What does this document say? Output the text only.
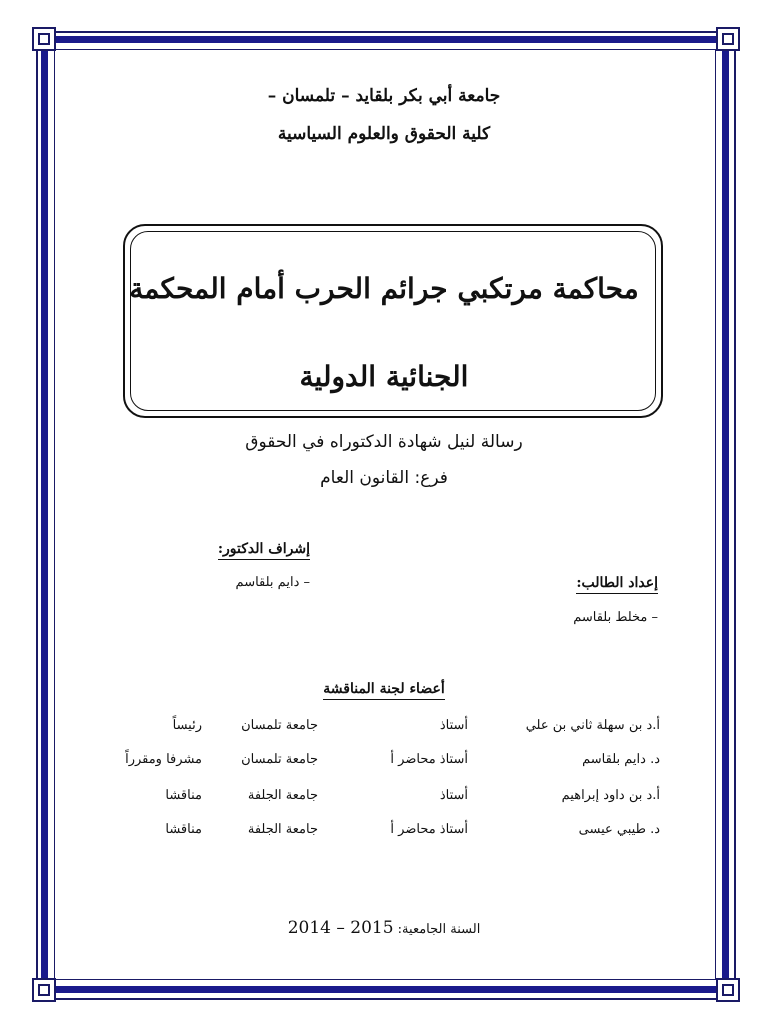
جامعة أبي بكر بلقايد – تلمسان –
كلية الحقوق والعلوم السياسية
محاكمة مرتكبي جرائم الحرب أمام المحكمة
الجنائية الدولية
رسالة لنيل شهادة الدكتوراه في الحقوق
فرع: القانون العام
إشراف الدكتور:
– دايم بلقاسم	إعداد الطالب:
– مخلط بلقاسم
أعضاء لجنة المناقشة
أ.د بن سهلة ثاني بن علي
أستاذ
جامعة تلمسان
رئيساً
د. دايم بلقاسم
أستاذ محاضر أ
جامعة تلمسان
مشرفا ومقرراً
أ.د بن داود إبراهيم
أستاذ
جامعة الجلفة
مناقشا
د. طيبي عيسى
أستاذ محاضر أ
جامعة الجلفة
مناقشا
السنة الجامعية: 2014 – 2015
